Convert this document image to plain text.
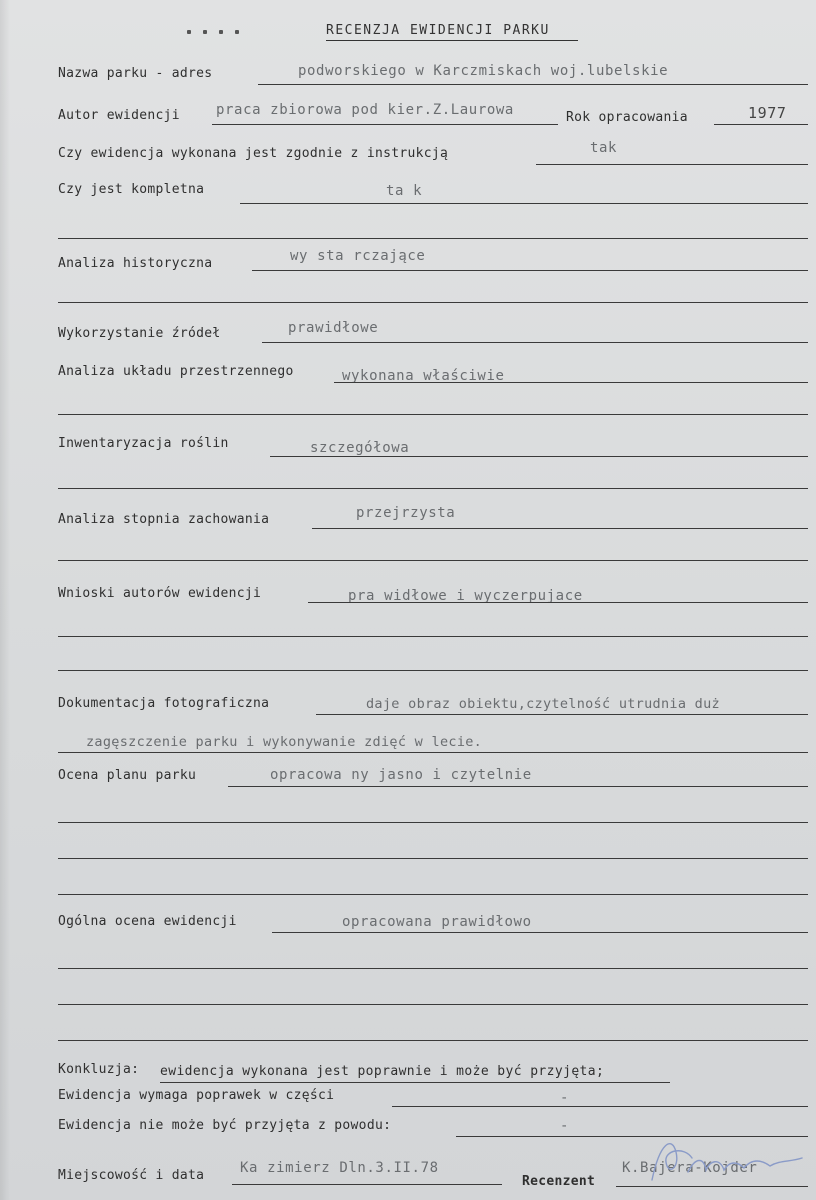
RECENZJA EWIDENCJI PARKU
Nazwa parku - adres	podworskiego w Karczmiskach woj.lubelskie
Autor ewidencji	praca zbiorowa pod kier.Z.Laurowa	Rok opracowania	1977
Czy ewidencja wykonana jest zgodnie z instrukcją	tak
Czy jest kompletna	ta k
Analiza historyczna	wy sta rczające
Wykorzystanie źródeł	prawidłowe
Analiza układu przestrzennego	wykonana właściwie
Inwentaryzacja roślin	szczegółowa
Analiza stopnia zachowania	przejrzysta
Wnioski autorów ewidencji	pra widłowe i wyczerpujace
Dokumentacja fotograficzna	daje obraz obiektu,czytelność utrudnia duż
zagęszczenie parku i wykonywanie zdięć w lecie.
Ocena planu parku	opracowa ny jasno i czytelnie
Ogólna ocena ewidencji	opracowana prawidłowo
Konkluzja: ewidencja wykonana jest poprawnie i może być przyjęta;
Ewidencja wymaga poprawek w części	-
Ewidencja nie może być przyjęta z powodu:	-
Miejscowość i data	Ka zimierz Dln.3.II.78
Recenzent
K.Bajera-Kojder
